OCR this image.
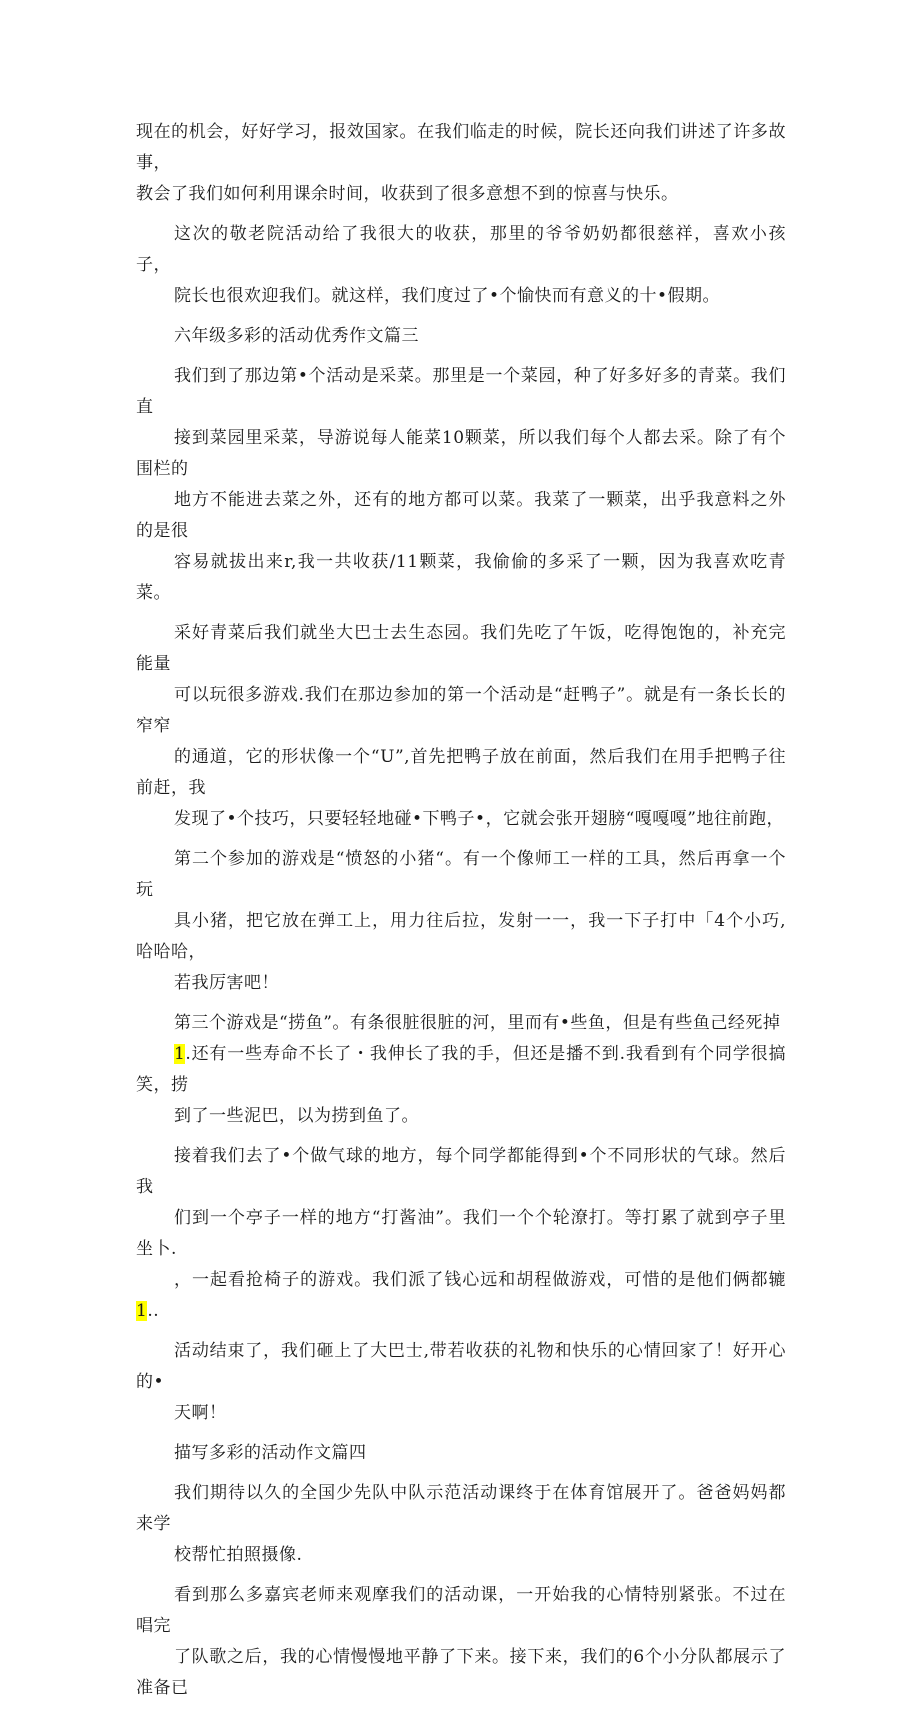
现在的机会，好好学习，报效国家。在我们临走的时候，院长还向我们讲述了许多故事，
教会了我们如何利用课余时间，收获到了很多意想不到的惊喜与快乐。
这次的敬老院活动给了我很大的收获，那里的爷爷奶奶都很慈祥，喜欢小孩子，
院长也很欢迎我们。就这样，我们度过了•个愉快而有意义的十•假期。
六年级多彩的活动优秀作文篇三
我们到了那边第•个活动是采菜。那里是一个菜园，种了好多好多的青菜。我们直
接到菜园里采菜，导游说每人能菜10颗菜，所以我们每个人都去采。除了有个围栏的
地方不能进去菜之外，还有的地方都可以菜。我菜了一颗菜，出乎我意料之外的是很
容易就拔出来r,我一共收获/11颗菜，我偷偷的多采了一颗，因为我喜欢吃青菜。
采好青菜后我们就坐大巴士去生态园。我们先吃了午饭，吃得饱饱的，补充完能量
可以玩很多游戏.我们在那边参加的第一个活动是“赶鸭子”。就是有一条长长的窄窄
的通道，它的形状像一个“U”,首先把鸭子放在前面，然后我们在用手把鸭子往前赶，我
发现了•个技巧，只要轻轻地碰•下鸭子•，它就会张开翅膀“嘎嘎嘎”地往前跑，
第二个参加的游戏是“愤怒的小猪“。有一个像师工一样的工具，然后再拿一个玩
具小猪，把它放在弹工上，用力往后拉，发射一一，我一下子打中「4个小巧,哈哈哈，
若我厉害吧！
第三个游戏是“捞鱼”。有条很脏很脏的河，里而有•些鱼，但是有些鱼己经死掉
1.还有一些寿命不长了・我伸长了我的手，但还是播不到.我看到有个同学很搞笑，捞
到了一些泥巴，以为捞到鱼了。
接着我们去了•个做气球的地方，每个同学都能得到•个不同形状的气球。然后我
们到一个亭子一样的地方“打酱油”。我们一个个轮潦打。等打累了就到亭子里坐卜.
，一起看抢椅子的游戏。我们派了钱心远和胡程做游戏，可惜的是他们俩都辘1..
活动结束了，我们砸上了大巴士,带若收获的礼物和快乐的心情回家了！好开心的•
天啊！
描写多彩的活动作文篇四
我们期待以久的全国少先队中队示范活动课终于在体育馆展开了。爸爸妈妈都来学
校帮忙拍照摄像.
看到那么多嘉宾老师来观摩我们的活动课，一开始我的心情特别紧张。不过在唱完
了队歌之后，我的心情慢慢地平静了下来。接下来，我们的6个小分队都展示了准备已
